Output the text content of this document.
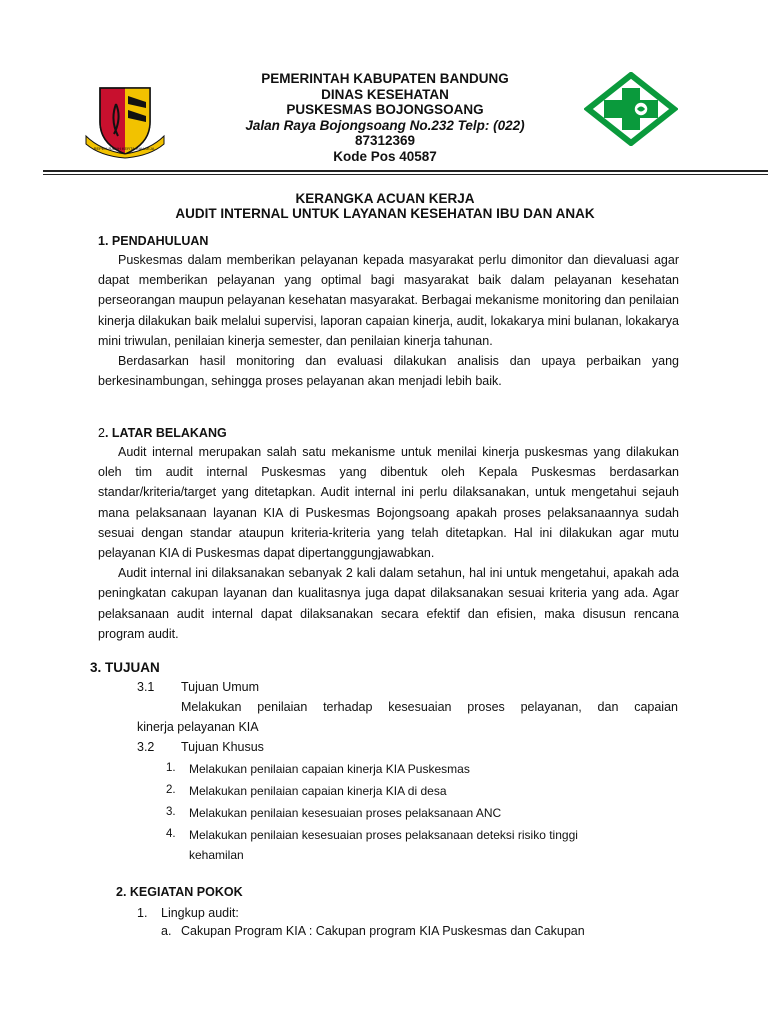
REPEH RAPIH KERTA RAHARJA
PEMERINTAH KABUPATEN BANDUNG
DINAS KESEHATAN
PUSKESMAS BOJONGSOANG
Jalan Raya Bojongsoang No.232 Telp: (022)
87312369
Kode Pos 40587
KERANGKA ACUAN KERJA
AUDIT INTERNAL UNTUK LAYANAN KESEHATAN IBU DAN ANAK
1. PENDAHULUAN

Puskesmas dalam memberikan pelayanan kepada masyarakat perlu dimonitor dan dievaluasi agar dapat memberikan pelayanan yang optimal bagi masyarakat baik dalam pelayanan kesehatan perseorangan maupun pelayanan kesehatan masyarakat. Berbagai mekanisme monitoring dan penilaian kinerja dilakukan baik melalui supervisi, laporan capaian kinerja, audit, lokakarya mini bulanan, lokakarya mini triwulan, penilaian kinerja semester, dan penilaian kinerja tahunan.

Berdasarkan hasil monitoring dan evaluasi dilakukan analisis dan upaya perbaikan yang berkesinambungan, sehingga proses pelayanan akan menjadi lebih baik.

2. LATAR BELAKANG

Audit internal merupakan salah satu mekanisme untuk menilai kinerja puskesmas yang dilakukan oleh tim audit internal Puskesmas yang dibentuk oleh Kepala Puskesmas berdasarkan standar/kriteria/target yang ditetapkan. Audit internal ini perlu dilaksanakan, untuk mengetahui sejauh mana pelaksanaan layanan KIA di Puskesmas Bojongsoang apakah proses pelaksanaannya sudah sesuai dengan standar ataupun kriteria-kriteria yang telah ditetapkan. Hal ini dilakukan agar mutu pelayanan KIA di Puskesmas dapat dipertanggungjawabkan.

Audit internal ini dilaksanakan sebanyak 2 kali dalam setahun, hal ini untuk mengetahui, apakah ada peningkatan cakupan layanan dan kualitasnya juga dapat dilaksanakan sesuai kriteria yang ada. Agar pelaksanaan audit internal dapat dilaksanakan secara efektif dan efisien, maka disusun rencana program audit.

3. TUJUAN
3.1 Tujuan Umum
Melakukan penilaian terhadap kesesuaian proses pelayanan, dan capaian
kinerja pelayanan KIA
3.2 Tujuan Khusus
1. Melakukan penilaian capaian kinerja KIA Puskesmas
2. Melakukan penilaian capaian kinerja KIA di desa
3. Melakukan penilaian kesesuaian proses pelaksanaan ANC
4. Melakukan penilaian kesesuaian proses pelaksanaan deteksi risiko tinggi
kehamilan
2. KEGIATAN POKOK
1. Lingkup audit:
a. Cakupan Program KIA : Cakupan program KIA Puskesmas dan Cakupan
